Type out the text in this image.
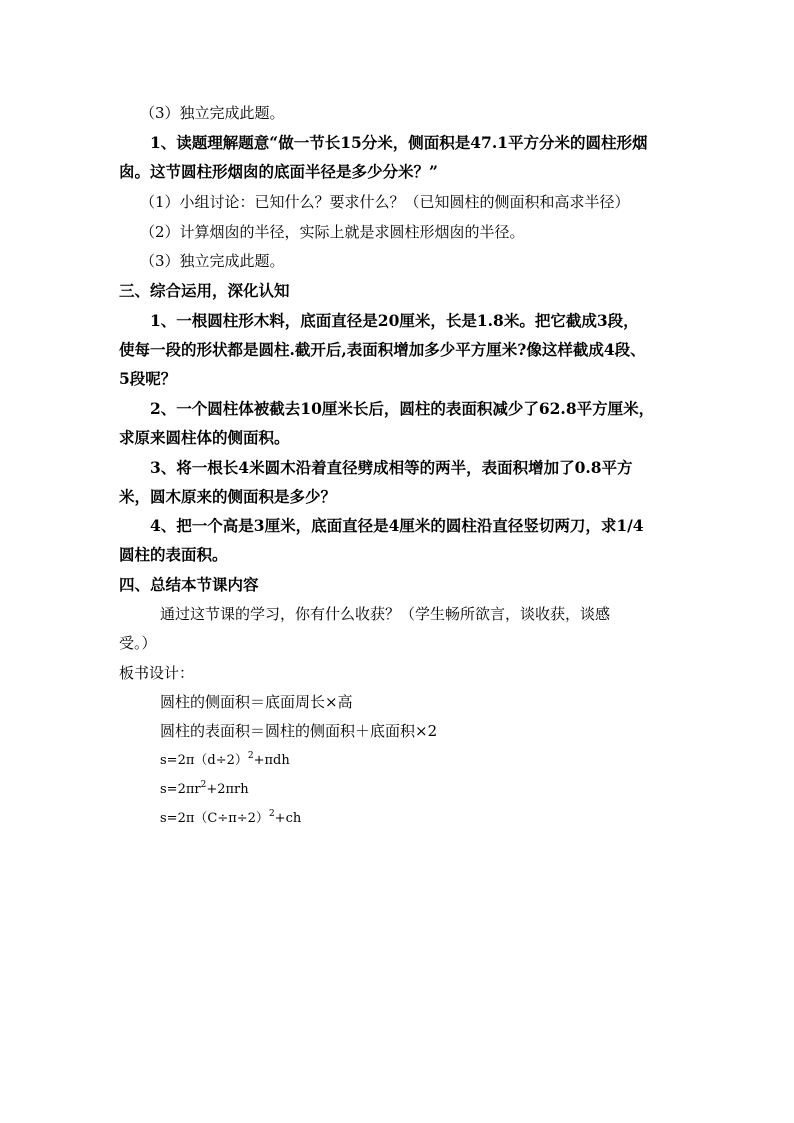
（3）独立完成此题。
1、读题理解题意“做一节长15分米，侧面积是47.1平方分米的圆柱形烟
囱。这节圆柱形烟囱的底面半径是多少分米？”
（1）小组讨论：已知什么？要求什么？（已知圆柱的侧面积和高求半径）
（2）计算烟囱的半径，实际上就是求圆柱形烟囱的半径。
（3）独立完成此题。
三、综合运用，深化认知
1、一根圆柱形木料，底面直径是20厘米，长是1.8米。把它截成3段，
使每一段的形状都是圆柱.截开后,表面积增加多少平方厘米?像这样截成4段、
5段呢？
2、一个圆柱体被截去10厘米长后，圆柱的表面积减少了62.8平方厘米，
求原来圆柱体的侧面积。
3、将一根长4米圆木沿着直径劈成相等的两半，表面积增加了0.8平方
米，圆木原来的侧面积是多少？
4、把一个高是3厘米，底面直径是4厘米的圆柱沿直径竖切两刀，求1/4
圆柱的表面积。
四、总结本节课内容
通过这节课的学习，你有什么收获？（学生畅所欲言，谈收获，谈感
受。）
板书设计：
圆柱的侧面积＝底面周长×高
圆柱的表面积＝圆柱的侧面积＋底面积×2
$s=2\pi(d\div 2)^2+\pi dh$
$s=2\pi r^2+2\pi rh$
$s=2\pi(C\div\pi\div 2)^2+ch$
